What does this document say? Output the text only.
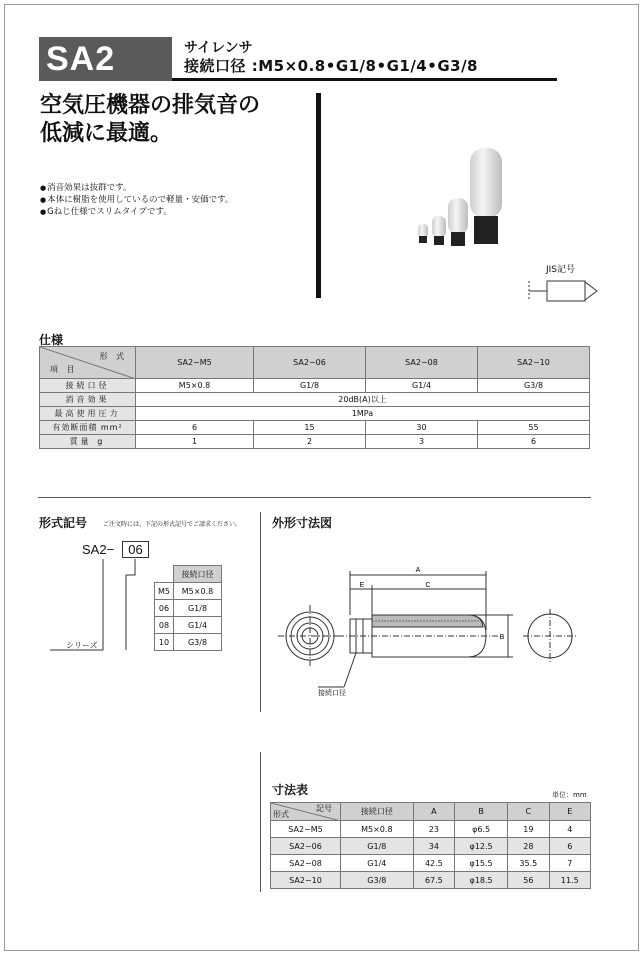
SA2	サイレンサ
接続口径 :M5×0.8•G1/8•G1/4•G3/8
空気圧機器の排気音の
低減に最適。
● 消音効果は抜群です。
● 本体に樹脂を使用しているので軽量・安価です。
● Gねじ仕様でスリムタイプです。
JIS記号
仕様
形 式
項 目	SA2−M5	SA2−06	SA2−08	SA2−10
接続口径	M5×0.8	G1/8	G1/4	G3/8
消音効果	20dB(A)以上			
最高使用圧力	1MPa			
有効断面積 mm²	6	15	30	55
質量 g	1	2	3	6
形式記号	ご注文時には、下記の形式記号でご請求ください。
SA2−	06
シリーズ
	接続口径
M5	M5×0.8
06	G1/8
08	G1/4
10	G3/8
外形寸法図
A
C
E
B
接続口径
寸法表	単位：mm
記号
形式	接続口径	A	B	C	E
SA2−M5	M5×0.8	23	φ6.5	19	4
SA2−06	G1/8	34	φ12.5	28	6
SA2−08	G1/4	42.5	φ15.5	35.5	7
SA2−10	G3/8	67.5	φ18.5	56	11.5
